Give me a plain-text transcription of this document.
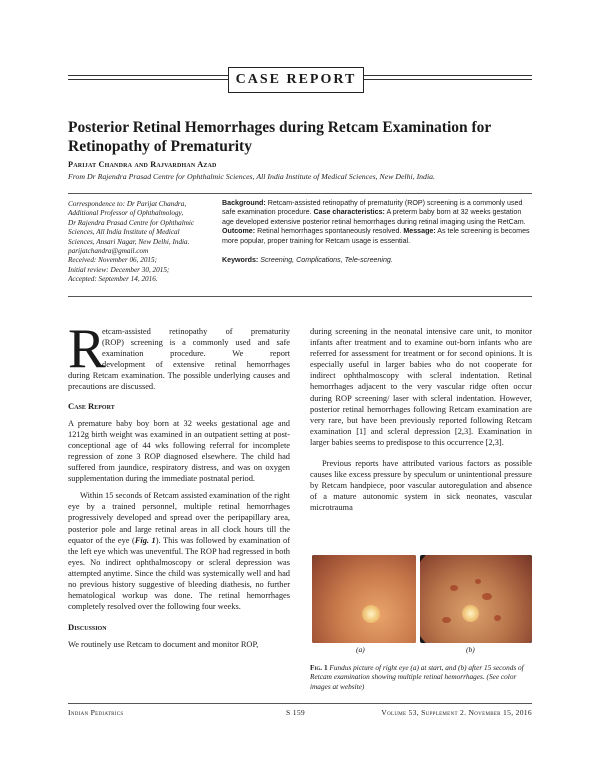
CASE REPORT
Posterior Retinal Hemorrhages during Retcam Examination for
Retinopathy of Prematurity
Parijat Chandra and Rajvardhan Azad
From Dr Rajendra Prasad Centre for Ophthalmic Sciences, All India Institute of Medical Sciences, New Delhi, India.
Correspondence to: Dr Parijat Chandra,
Additional Professor of Ophthalmology,
Dr Rajendra Prasad Centre for Ophthalmic
Sciences, All India Institute of Medical
Sciences, Ansari Nagar, New Delhi, India.
parijatchandra@gmail.com
Received: November 06, 2015;
Initial review: December 30, 2015;
Accepted: September 14, 2016.
Background: Retcam-assisted retinopathy of prematurity (ROP) screening is a commonly used safe examination procedure. Case characteristics: A preterm baby born at 32 weeks gestation age developed extensive posterior retinal hemorrhages during retinal imaging using the RetCam. Outcome: Retinal hemorrhages spontaneously resolved. Message: As tele screening is becomes more popular, proper training for Retcam usage is essential.
Keywords: Screening, Complications, Tele-screening.
R
etcam-assisted retinopathy of prematurity
(ROP) screening is a commonly used and safe
examination procedure. We report
development of extensive retinal hemorrhages

during Retcam examination. The possible underlying causes and precautions are discussed.

Case Report

A premature baby boy born at 32 weeks gestational age and 1212g birth weight was examined in an outpatient setting at post-conceptional age of 44 wks following referral for incomplete regression of zone 3 ROP diagnosed elsewhere. The child had suffered from jaundice, respiratory distress, and was on oxygen supplementation during the immediate postnatal period.

Within 15 seconds of Retcam assisted examination of the right eye by a trained personnel, multiple retinal hemorrhages progressively developed and spread over the peripapillary area, posterior pole and large retinal areas in all clock hours till the equator of the eye (Fig. 1). This was followed by examination of the left eye which was uneventful. The ROP had regressed in both eyes. No indirect ophthalmoscopy or scleral depression was attempted anytime. Since the child was systemically well and had no previous history suggestive of bleeding diathesis, no further hematological workup was done. The retinal hemorrhages completely resolved over the following four weeks.

Discussion

We routinely use Retcam to document and monitor ROP,

during screening in the neonatal intensive care unit, to monitor infants after treatment and to examine out-born infants who are referred for assessment for treatment or for second opinions. It is especially useful in larger babies who do not cooperate for indirect ophthalmoscopy with scleral indentation. Retinal hemorrhages adjacent to the very vascular ridge often occur during ROP screening/ laser with scleral indentation. However, posterior retinal hemorrhages following Retcam examination are very rare, but have been previously reported following Retcam examination [1] and scleral depression [2,3]. Examination in larger babies seems to predispose to this occurrence [2,3].

Previous reports have attributed various factors as possible causes like excess pressure by speculum or unintentional pressure by Retcam handpiece, poor vascular autoregulation and absence of a mature autonomic system in sick neonates, vascular microtrauma

(a)	(b)
Fig. 1 Fundus picture of right eye (a) at start, and (b) after 15 seconds of Retcam examination showing multiple retinal hemorrhages. (See color images at website)
Indian Pediatrics	S 159	Volume 53, Supplement 2. November 15, 2016
